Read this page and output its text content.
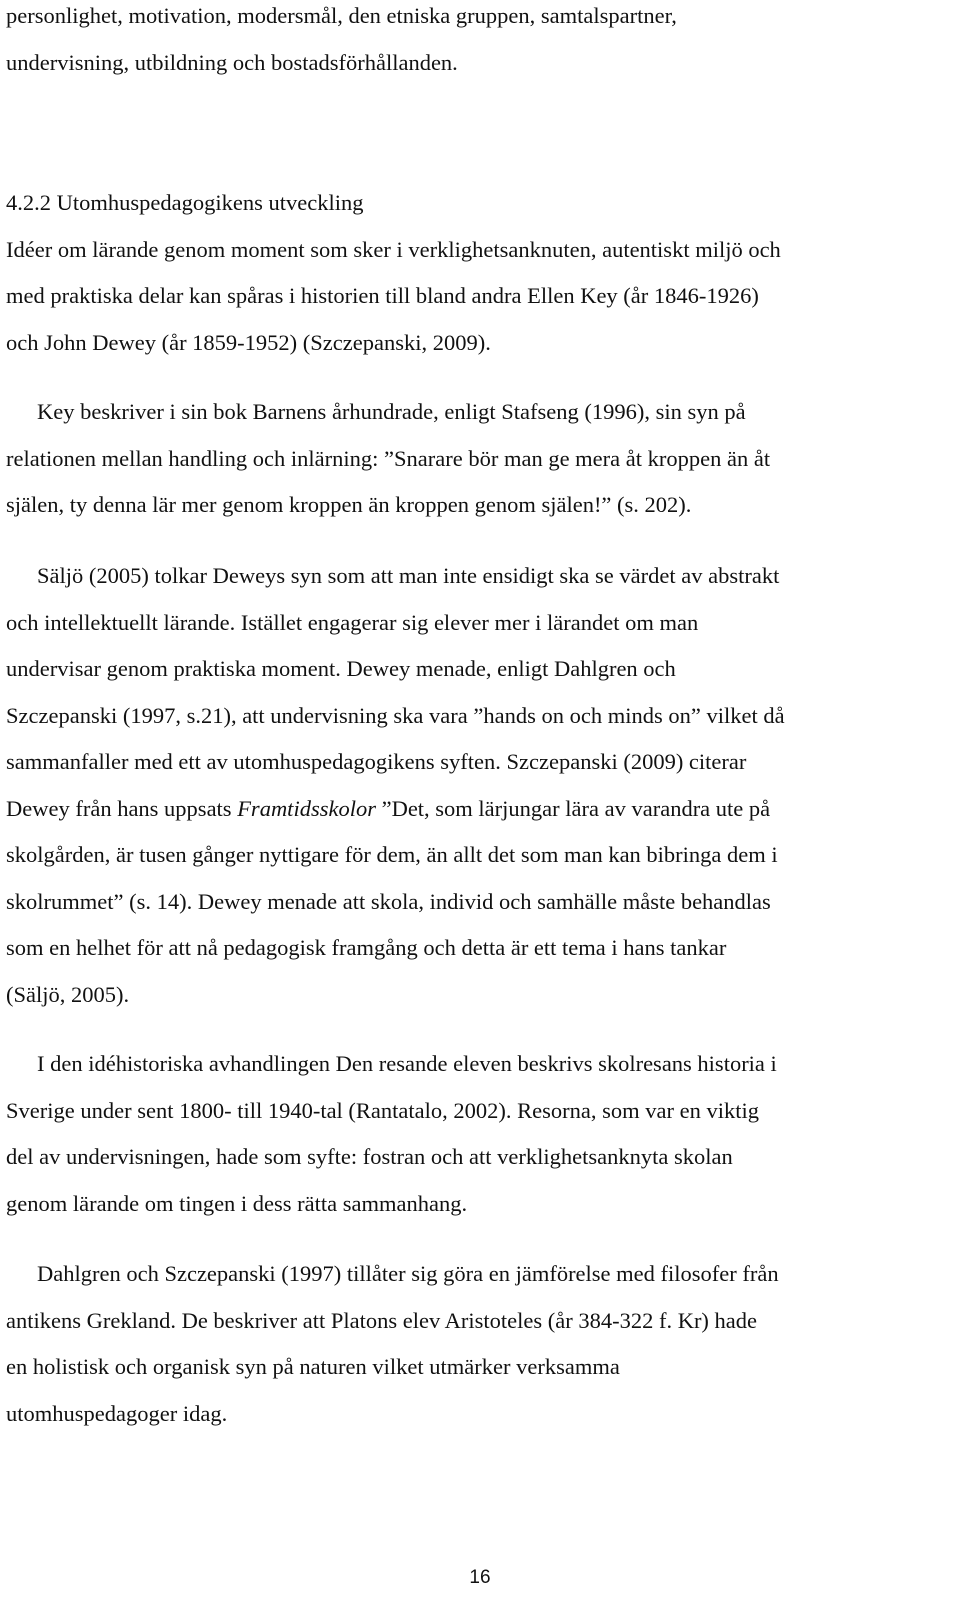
personlighet, motivation, modersmål, den etniska gruppen, samtalspartner,
undervisning, utbildning och bostadsförhållanden.
4.2.2 Utomhuspedagogikens utveckling
Idéer om lärande genom moment som sker i verklighetsanknuten, autentiskt miljö och
med praktiska delar kan spåras i historien till bland andra Ellen Key (år 1846-1926)
och John Dewey (år 1859-1952) (Szczepanski, 2009).
Key beskriver i sin bok Barnens århundrade, enligt Stafseng (1996), sin syn på
relationen mellan handling och inlärning: ”Snarare bör man ge mera åt kroppen än åt
själen, ty denna lär mer genom kroppen än kroppen genom själen!” (s. 202).
Säljö (2005) tolkar Deweys syn som att man inte ensidigt ska se värdet av abstrakt
och intellektuellt lärande. Istället engagerar sig elever mer i lärandet om man
undervisar genom praktiska moment. Dewey menade, enligt Dahlgren och
Szczepanski (1997, s.21), att undervisning ska vara ”hands on och minds on” vilket då
sammanfaller med ett av utomhuspedagogikens syften. Szczepanski (2009) citerar
Dewey från hans uppsats Framtidsskolor ”Det, som lärjungar lära av varandra ute på
skolgården, är tusen gånger nyttigare för dem, än allt det som man kan bibringa dem i
skolrummet” (s. 14). Dewey menade att skola, individ och samhälle måste behandlas
som en helhet för att nå pedagogisk framgång och detta är ett tema i hans tankar
(Säljö, 2005).
I den idéhistoriska avhandlingen Den resande eleven beskrivs skolresans historia i
Sverige under sent 1800- till 1940-tal (Rantatalo, 2002). Resorna, som var en viktig
del av undervisningen, hade som syfte: fostran och att verklighetsanknyta skolan
genom lärande om tingen i dess rätta sammanhang.
Dahlgren och Szczepanski (1997) tillåter sig göra en jämförelse med filosofer från
antikens Grekland. De beskriver att Platons elev Aristoteles (år 384-322 f. Kr) hade
en holistisk och organisk syn på naturen vilket utmärker verksamma
utomhuspedagoger idag.
16
